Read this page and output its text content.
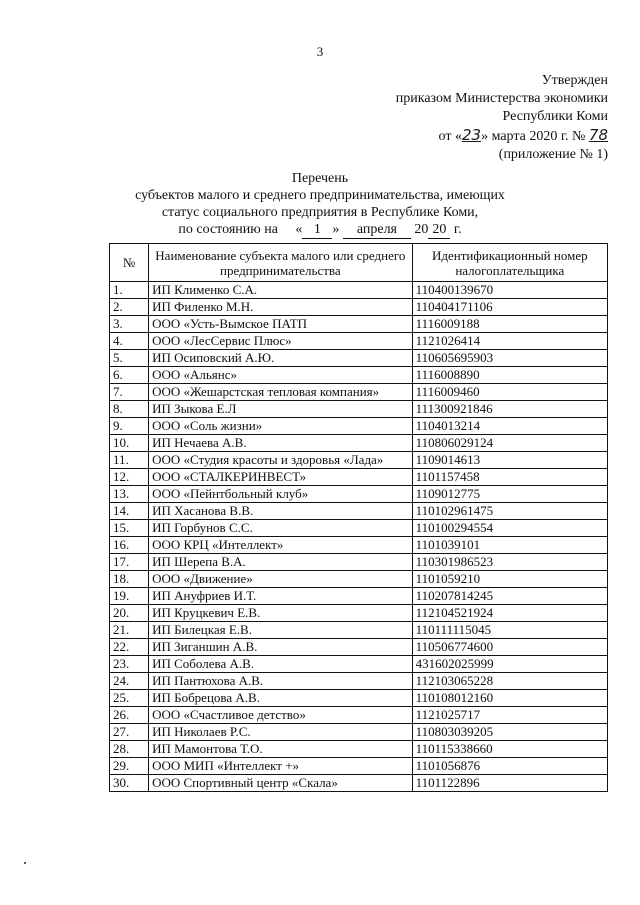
3
Утвержден
приказом Министерства экономики
Республики Коми
от «23» марта 2020 г. № 78
(приложение № 1)
Перечень
субъектов малого и среднего предпринимательства, имеющих
статус социального предприятия в Республике Коми,
по состоянию на     « 1 » апреля 20 20 г.
№	Наименование субъекта малого или среднего предпринимательства	Идентификационный номер налогоплательщика
1.	ИП Клименко С.А.	110400139670
2.	ИП Филенко М.Н.	110404171106
3.	ООО «Усть-Вымское ПАТП	1116009188
4.	ООО «ЛесСервис Плюс»	1121026414
5.	ИП Осиповский А.Ю.	110605695903
6.	ООО «Альянс»	1116008890
7.	ООО «Жешарстская тепловая компания»	1116009460
8.	ИП Зыкова Е.Л	111300921846
9.	ООО «Соль жизни»	1104013214
10.	ИП Нечаева А.В.	110806029124
11.	ООО «Студия красоты и здоровья «Лада»	1109014613
12.	ООО «СТАЛКЕРИНВЕСТ»	1101157458
13.	ООО «Пейнтбольный клуб»	1109012775
14.	ИП Хасанова В.В.	110102961475
15.	ИП Горбунов С.С.	110100294554
16.	ООО КРЦ «Интеллект»	1101039101
17.	ИП Шерепа В.А.	110301986523
18.	ООО «Движение»	1101059210
19.	ИП Ануфриев И.Т.	110207814245
20.	ИП Круцкевич Е.В.	112104521924
21.	ИП Билецкая Е.В.	110111115045
22.	ИП Зиганшин А.В.	110506774600
23.	ИП Соболева А.В.	431602025999
24.	ИП Пантюхова А.В.	112103065228
25.	ИП Бобрецова А.В.	110108012160
26.	ООО «Счастливое детство»	1121025717
27.	ИП Николаев Р.С.	110803039205
28.	ИП Мамонтова Т.О.	110115338660
29.	ООО МИП «Интеллект +»	1101056876
30.	ООО Спортивный центр «Скала»	1101122896
